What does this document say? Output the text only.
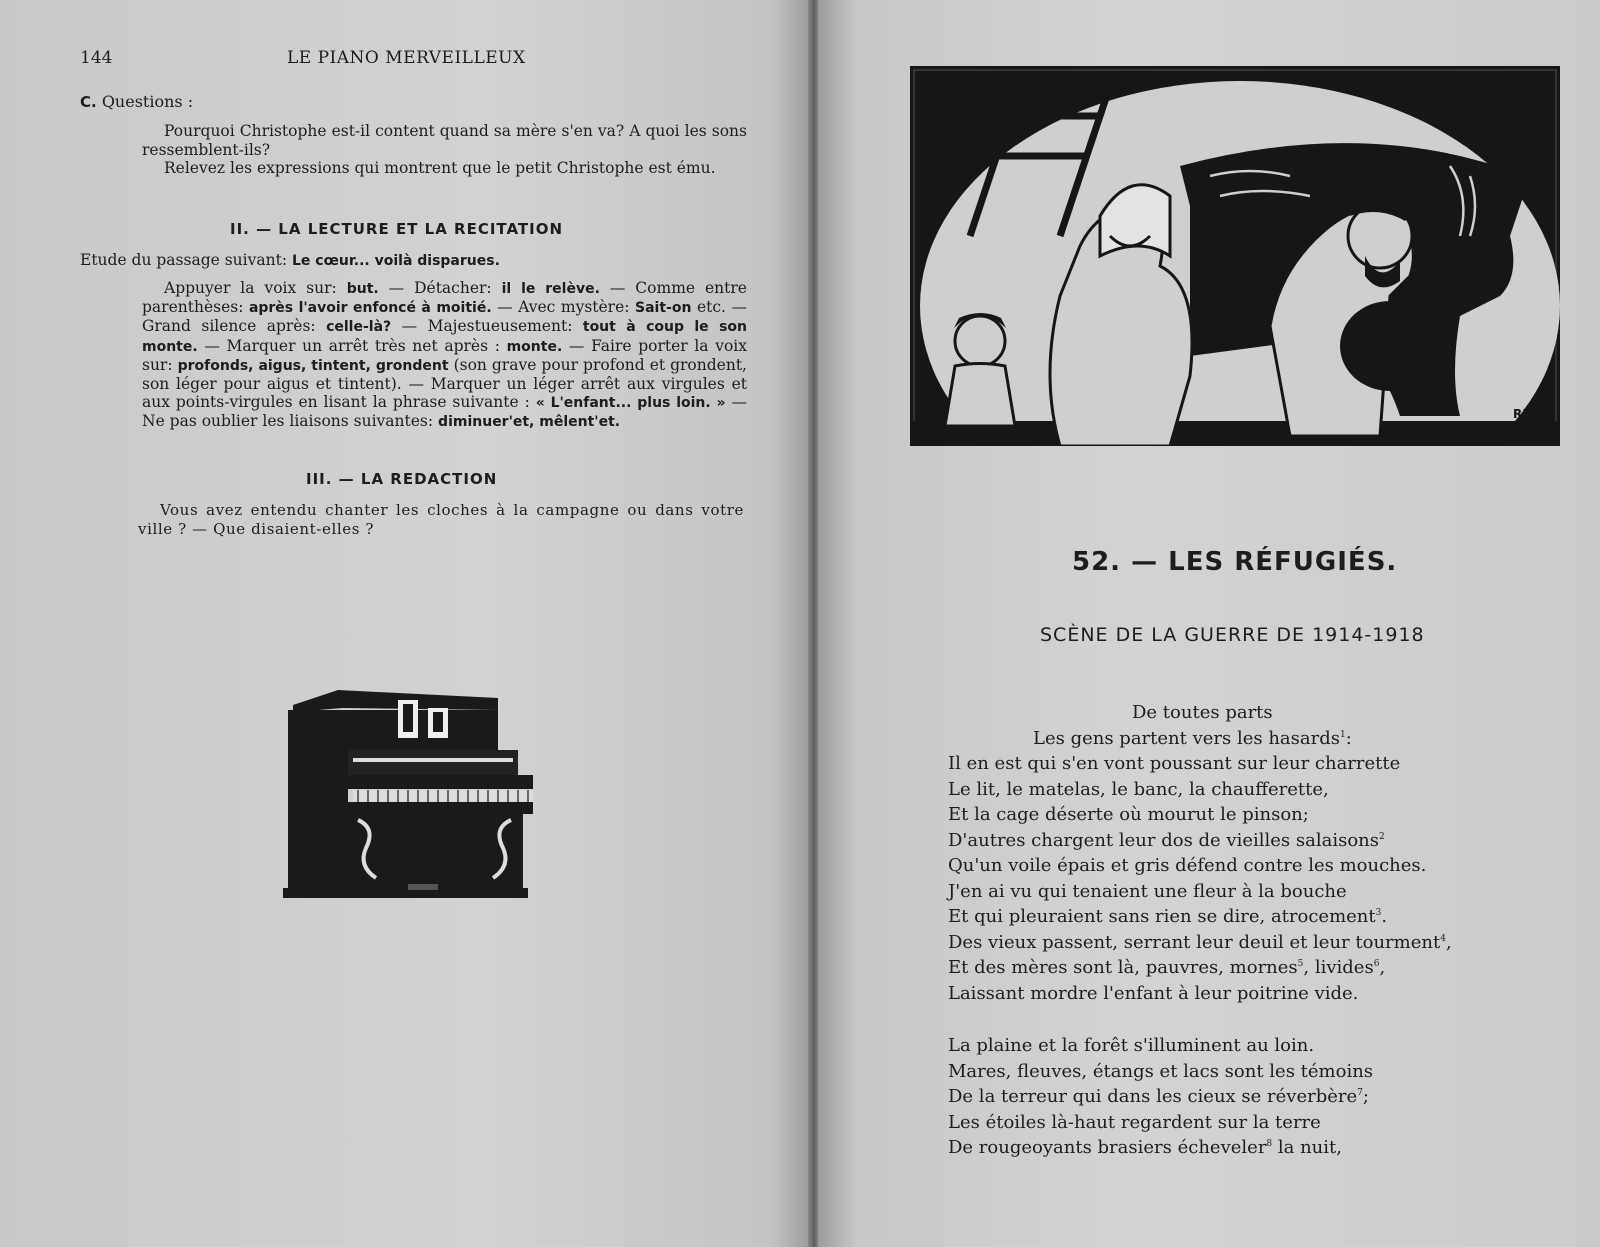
144	LE PIANO MERVEILLEUX
C. Questions :
Pourquoi Christophe est-il content quand sa mère s'en va? A quoi les sons ressemblent-ils?
Relevez les expressions qui montrent que le petit Christophe est ému.
II. — LA LECTURE ET LA RECITATION
Etude du passage suivant: Le cœur... voilà disparues.
Appuyer la voix sur: but. — Détacher: il le relève. — Comme entre parenthèses: après l'avoir enfoncé à moitié. — Avec mystère: Sait-on etc. — Grand silence après: celle-là? — Majestueusement: tout à coup le son monte. — Marquer un arrêt très net après : monte. — Faire porter la voix sur: profonds, aigus, tintent, grondent (son grave pour profond et grondent, son léger pour aigus et tintent). — Marquer un léger arrêt aux virgules et aux points-virgules en lisant la phrase suivante : « L'enfant... plus loin. » — Ne pas oublier les liaisons suivantes: diminuer'et, mêlent'et.
III. — LA REDACTION
Vous avez entendu chanter les cloches à la campagne ou dans votre ville ? — Que disaient-elles ?
RB
52. — LES RÉFUGIÉS.
SCÈNE DE LA GUERRE DE 1914-1918
De toutes parts
Les gens partent vers les hasards$^1$:
Il en est qui s'en vont poussant sur leur charrette
Le lit, le matelas, le banc, la chaufferette,
Et la cage déserte où mourut le pinson;
D'autres chargent leur dos de vieilles salaisons$^2$
Qu'un voile épais et gris défend contre les mouches.
J'en ai vu qui tenaient une fleur à la bouche
Et qui pleuraient sans rien se dire, atrocement$^3$.
Des vieux passent, serrant leur deuil et leur tourment$^4$,
Et des mères sont là, pauvres, mornes$^5$, livides$^6$,
Laissant mordre l'enfant à leur poitrine vide.
La plaine et la forêt s'illuminent au loin.
Mares, fleuves, étangs et lacs sont les témoins
De la terreur qui dans les cieux se réverbère$^7$;
Les étoiles là-haut regardent sur la terre
De rougeoyants brasiers écheveler$^8$ la nuit,
